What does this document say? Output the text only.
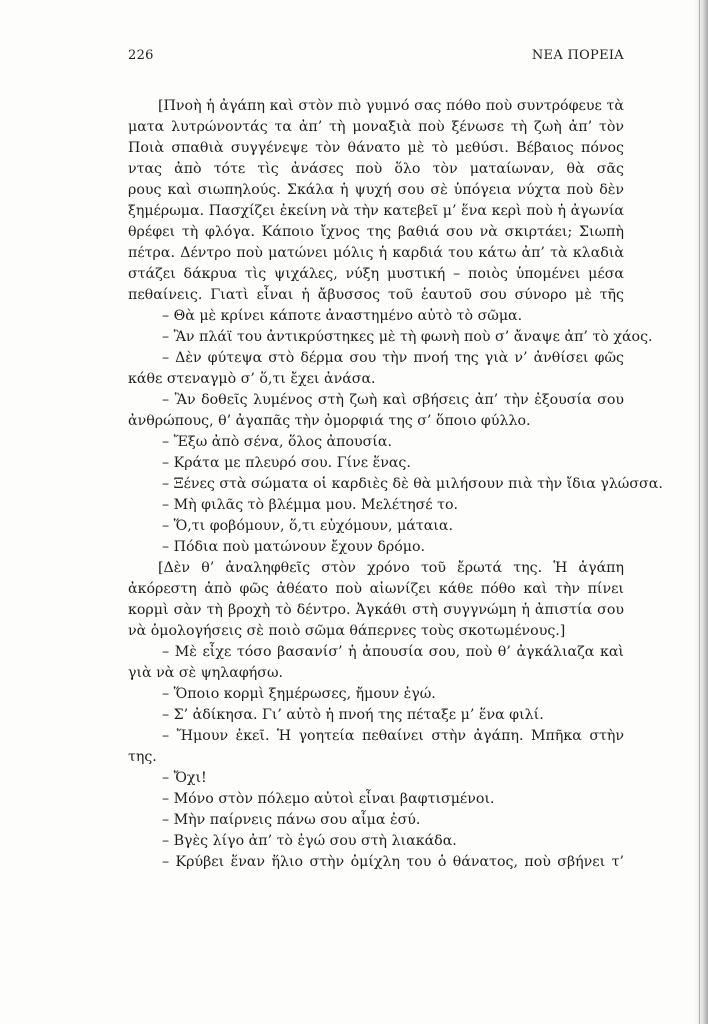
226	ΝΕΑ ΠΟΡΕΙΑ
[Πνοὴ ἡ ἀγάπη καὶ στὸν πιὸ γυμνό σας πόθο ποὺ συντρόφευε τὰ
ματα λυτρώνοντάς τα ἀπ’ τὴ μοναξιὰ ποὺ ξένωσε τὴ ζωὴ ἀπ’ τὸν
Ποιὰ σπαθιὰ συγγένεψε τὸν θάνατο μὲ τὸ μεθύσι. Βέβαιος πόνος
ντας ἀπὸ τότε τὶς ἀνάσες ποὺ ὅλο τὸν ματαίωναν, θὰ σᾶς
ρους καὶ σιωπηλούς. Σκάλα ἡ ψυχή σου σὲ ὑπόγεια νύχτα ποὺ δὲν
ξημέρωμα. Πασχίζει ἐκείνη νὰ τὴν κατεβεῖ μ’ ἕνα κερὶ ποὺ ἡ ἀγωνία
θρέφει τὴ φλόγα. Κάποιο ἴχνος της βαθιά σου νὰ σκιρτάει; Σιωπὴ
πέτρα. Δέντρο ποὺ ματώνει μόλις ἡ καρδιά του κάτω ἀπ’ τὰ κλαδιὰ
στάζει δάκρυα τὶς ψιχάλες, νύξη μυστική – ποιὸς ὑπομένει μέσα
πεθαίνεις. Γιατὶ εἶναι ἡ ἄβυσσος τοῦ ἑαυτοῦ σου σύνορο μὲ τῆς
– Θὰ μὲ κρίνει κάποτε ἀναστημένο αὐτὸ τὸ σῶμα.
– Ἂν πλάϊ του ἀντικρύστηκες μὲ τὴ φωνὴ ποὺ σ’ ἄναψε ἀπ’ τὸ χάος.
– Δὲν φύτεψα στὸ δέρμα σου τὴν πνοή της γιὰ ν’ ἀνθίσει φῶς
κάθε στεναγμὸ σ’ ὅ,τι ἔχει ἀνάσα.
– Ἂν δοθεῖς λυμένος στὴ ζωὴ καὶ σβήσεις ἀπ’ τὴν ἐξουσία σου
ἀνθρώπους, θ’ ἀγαπᾶς τὴν ὀμορφιά της σ’ ὅποιο φύλλο.
– Ἔξω ἀπὸ σένα, ὅλος ἀπουσία.
– Κράτα με πλευρό σου. Γίνε ἕνας.
– Ξένες στὰ σώματα οἱ καρδιὲς δὲ θὰ μιλήσουν πιὰ τὴν ἴδια γλώσσα.
– Μὴ φιλᾶς τὸ βλέμμα μου. Μελέτησέ το.
– Ὅ,τι φοβόμουν, ὅ,τι εὐχόμουν, μάταια.
– Πόδια ποὺ ματώνουν ἔχουν δρόμο.
[Δὲν θ’ ἀναληφθεῖς στὸν χρόνο τοῦ ἔρωτά της. Ἡ ἀγάπη
ἀκόρεστη ἀπὸ φῶς ἀθέατο ποὺ αἰωνίζει κάθε πόθο καὶ τὴν πίνει
κορμὶ σὰν τὴ βροχὴ τὸ δέντρο. Ἀγκάθι στὴ συγγνώμη ἡ ἀπιστία σου
νὰ ὁμολογήσεις σὲ ποιὸ σῶμα θάπερνες τοὺς σκοτωμένους.]
– Μὲ εἶχε τόσο βασανίσ’ ἡ ἀπουσία σου, ποὺ θ’ ἀγκάλιαζα καὶ
γιὰ νὰ σὲ ψηλαφήσω.
– Ὅποιο κορμὶ ξημέρωσες, ἤμουν ἐγώ.
– Σ’ ἀδίκησα. Γι’ αὐτὸ ἡ πνοή της πέταξε μ’ ἕνα φιλί.
– Ἤμουν ἐκεῖ. Ἡ γοητεία πεθαίνει στὴν ἀγάπη. Μπῆκα στὴν
της.
– Ὄχι!
– Μόνο στὸν πόλεμο αὐτοὶ εἶναι βαφτισμένοι.
– Μὴν παίρνεις πάνω σου αἷμα ἐσύ.
– Βγὲς λίγο ἀπ’ τὸ ἐγώ σου στὴ λιακάδα.
– Κρύβει ἕναν ἥλιο στὴν ὀμίχλη του ὁ θάνατος, ποὺ σβήνει τ’
